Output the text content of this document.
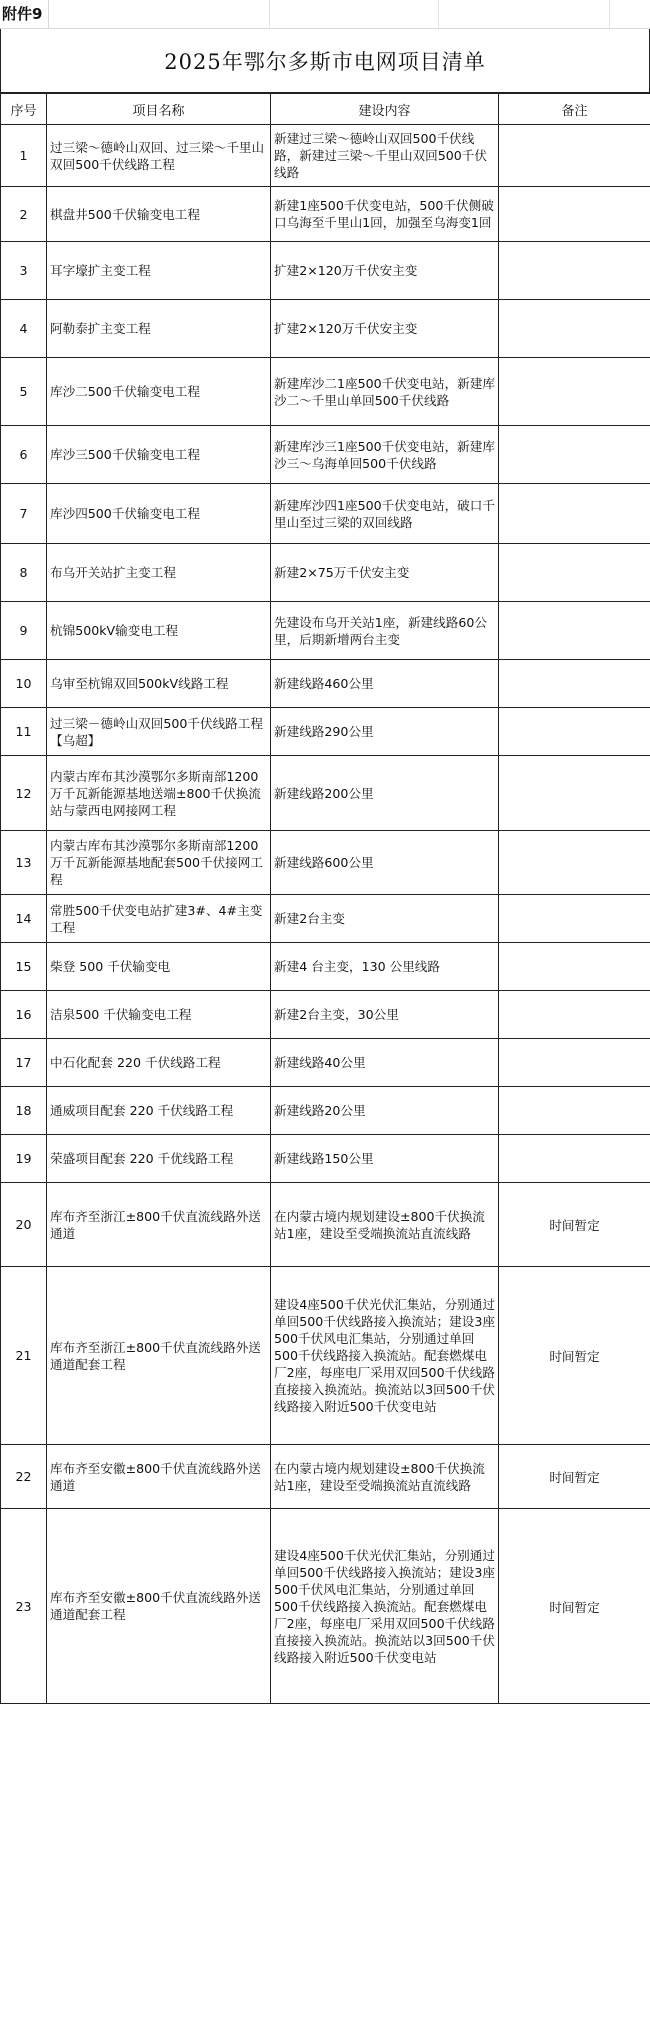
附件9
2025年鄂尔多斯市电网项目清单
序号	项目名称	建设内容	备注
1	过三梁～德岭山双回、过三梁～千里山双回500千伏线路工程	新建过三梁～德岭山双回500千伏线路，新建过三梁～千里山双回500千伏线路	
2	棋盘井500千伏输变电工程	新建1座500千伏变电站，500千伏侧破口乌海至千里山1回，加强至乌海变1回	
3	耳字壕扩主变工程	扩建2×120万千伏安主变	
4	阿勒泰扩主变工程	扩建2×120万千伏安主变	
5	库沙二500千伏输变电工程	新建库沙二1座500千伏变电站，新建库沙二～千里山单回500千伏线路	
6	库沙三500千伏输变电工程	新建库沙三1座500千伏变电站，新建库沙三～乌海单回500千伏线路	
7	库沙四500千伏输变电工程	新建库沙四1座500千伏变电站，破口千里山至过三梁的双回线路	
8	布乌开关站扩主变工程	新建2×75万千伏安主变	
9	杭锦500kV输变电工程	先建设布乌开关站1座，新建线路60公里，后期新增两台主变	
10	乌审至杭锦双回500kV线路工程	新建线路460公里	
11	过三梁－德岭山双回500千伏线路工程【乌超】	新建线路290公里	
12	内蒙古库布其沙漠鄂尔多斯南部1200万千瓦新能源基地送端±800千伏换流站与蒙西电网接网工程	新建线路200公里	
13	内蒙古库布其沙漠鄂尔多斯南部1200万千瓦新能源基地配套500千伏接网工程	新建线路600公里	
14	常胜500千伏变电站扩建3#、4#主变工程	新建2台主变	
15	柴登 500 千伏输变电	新建4 台主变，130 公里线路	
16	洁泉500 千伏输变电工程	新建2台主变，30公里	
17	中石化配套 220 千伏线路工程	新建线路40公里	
18	通威项目配套 220 千伏线路工程	新建线路20公里	
19	荣盛项目配套 220 千优线路工程	新建线路150公里	
20	库布齐至浙江±800千伏直流线路外送通道	在内蒙古境内规划建设±800千伏换流站1座，建设至受端换流站直流线路	时间暂定
21	库布齐至浙江±800千伏直流线路外送通道配套工程	建设4座500千伏光伏汇集站，分别通过单回500千伏线路接入换流站；建设3座500千伏风电汇集站，分别通过单回500千伏线路接入换流站。配套燃煤电厂2座，每座电厂采用双回500千伏线路直接接入换流站。换流站以3回500千伏线路接入附近500千伏变电站	时间暂定
22	库布齐至安徽±800千伏直流线路外送通道	在内蒙古境内规划建设±800千伏换流站1座，建设至受端换流站直流线路	时间暂定
23	库布齐至安徽±800千伏直流线路外送通道配套工程	建设4座500千伏光伏汇集站，分别通过单回500千伏线路接入换流站；建设3座500千伏风电汇集站，分别通过单回500千伏线路接入换流站。配套燃煤电厂2座，每座电厂采用双回500千伏线路直接接入换流站。换流站以3回500千伏线路接入附近500千伏变电站	时间暂定
